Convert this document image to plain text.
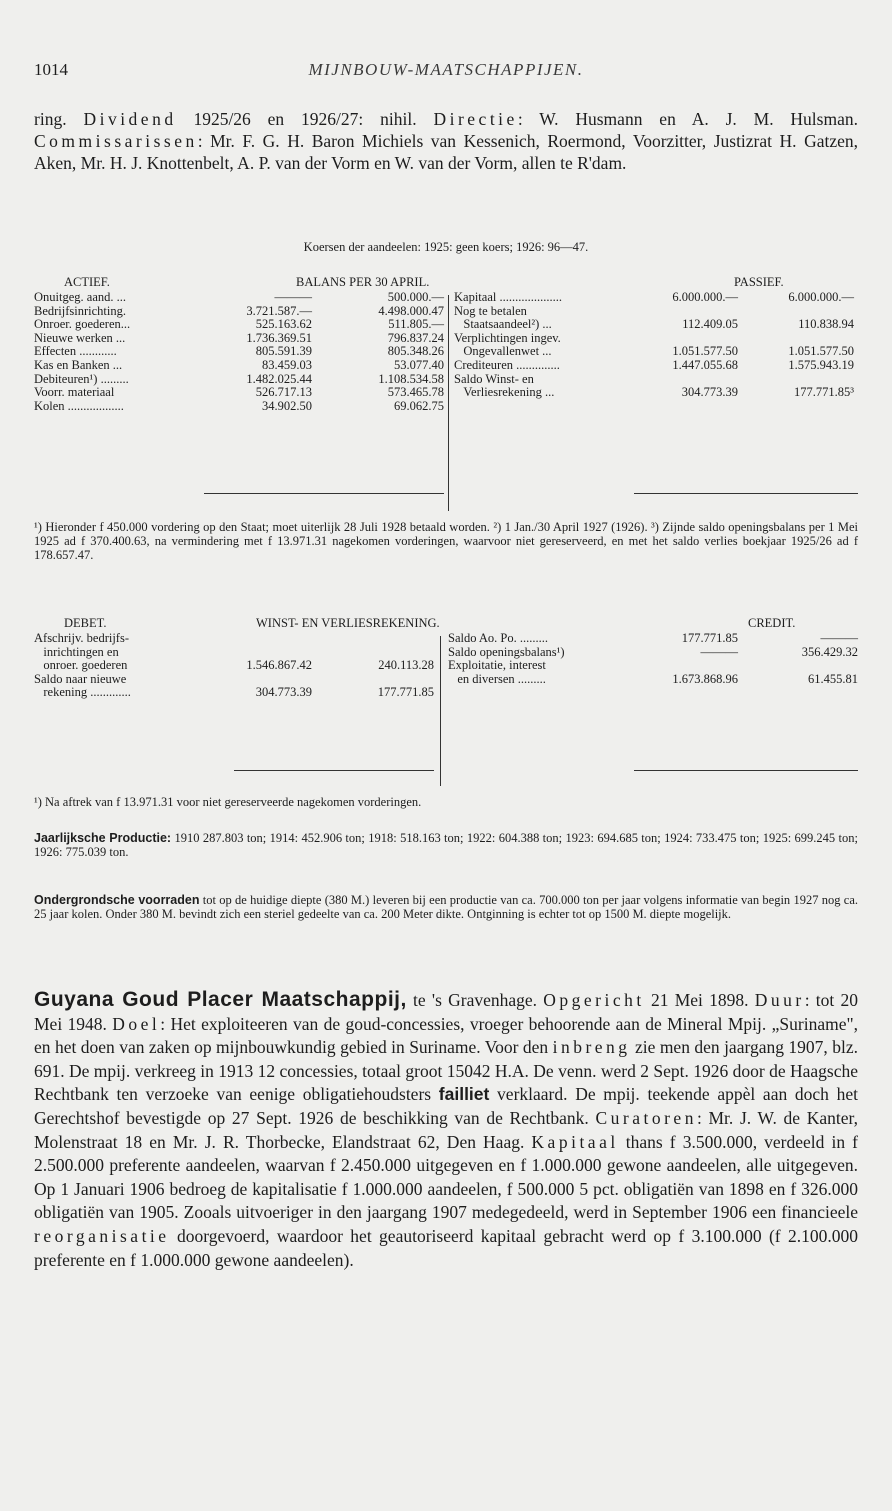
1014	MIJNBOUW-MAATSCHAPPIJEN.

ring. Dividend 1925/26 en 1926/27: nihil. Directie: W. Husmann en A. J. M. Hulsman. Commissarissen: Mr. F. G. H. Baron Michiels van Kessenich, Roermond, Voorzitter, Justizrat H. Gatzen, Aken, Mr. H. J. Knottenbelt, A. P. van der Vorm en W. van der Vorm, allen te R'dam.

Koersen der aandeelen: 1925: geen koers; 1926: 96—47.
ACTIEF.	BALANS PER 30 APRIL.	PASSIEF.

Onuitgeg. aand. ...	———	500.000.—
Bedrijfsinrichting.	3.721.587.—	4.498.000.47
Onroer. goederen...	525.163.62	511.805.—
Nieuwe werken ...	1.736.369.51	796.837.24
Effecten ............	805.591.39	805.348.26
Kas en Banken ...	83.459.03	53.077.40
Debiteuren¹) .........	1.482.025.44	1.108.534.58
Voorr. materiaal	526.717.13	573.465.78
Kolen ..................	34.902.50	69.062.75

Kapitaal ....................	6.000.000.—	6.000.000.—
Nog te betalen		
Staatsaandeel²) ...	112.409.05	110.838.94
Verplichtingen ingev.		
Ongevallenwet ...	1.051.577.50	1.051.577.50
Crediteuren ..............	1.447.055.68	1.575.943.19
Saldo Winst- en		
Verliesrekening ...	304.773.39	177.771.85³

¹) Hieronder f 450.000 vordering op den Staat; moet uiterlijk 28 Juli 1928 betaald worden. ²) 1 Jan./30 April 1927 (1926). ³) Zijnde saldo openingsbalans per 1 Mei 1925 ad f 370.400.63, na vermindering met f 13.971.31 nagekomen vorderingen, waarvoor niet gereserveerd, en met het saldo verlies boekjaar 1925/26 ad f 178.657.47.
DEBET.	WINST- EN VERLIESREKENING.	CREDIT.

Afschrijv. bedrijfs-		
inrichtingen en		
onroer. goederen	1.546.867.42	240.113.28
Saldo naar nieuwe		
rekening .............	304.773.39	177.771.85

Saldo Ao. Po. .........	177.771.85	———
Saldo openingsbalans¹)	———	356.429.32
Exploitatie, interest		
en diversen .........	1.673.868.96	61.455.81

¹) Na aftrek van f 13.971.31 voor niet gereserveerde nagekomen vorderingen.

Jaarlijksche Productie: 1910 287.803 ton; 1914: 452.906 ton; 1918: 518.163 ton; 1922: 604.388 ton; 1923: 694.685 ton; 1924: 733.475 ton; 1925: 699.245 ton; 1926: 775.039 ton.

Ondergrondsche voorraden tot op de huidige diepte (380 M.) leveren bij een productie van ca. 700.000 ton per jaar volgens informatie van begin 1927 nog ca. 25 jaar kolen. Onder 380 M. bevindt zich een steriel gedeelte van ca. 200 Meter dikte. Ontginning is echter tot op 1500 M. diepte mogelijk.

Guyana Goud Placer Maatschappij, te 's Gravenhage. Opgericht 21 Mei 1898. Duur: tot 20 Mei 1948. Doel: Het exploiteeren van de goud-concessies, vroeger behoorende aan de Mineral Mpij. „Suriname", en het doen van zaken op mijnbouwkundig gebied in Suriname. Voor den inbreng zie men den jaargang 1907, blz. 691. De mpij. verkreeg in 1913 12 concessies, totaal groot 15042 H.A. De venn. werd 2 Sept. 1926 door de Haagsche Rechtbank ten verzoeke van eenige obligatiehoudsters failliet verklaard. De mpij. teekende appèl aan doch het Gerechtshof bevestigde op 27 Sept. 1926 de beschikking van de Rechtbank. Curatoren: Mr. J. W. de Kanter, Molenstraat 18 en Mr. J. R. Thorbecke, Elandstraat 62, Den Haag. Kapitaal thans f 3.500.000, verdeeld in f 2.500.000 preferente aandeelen, waarvan f 2.450.000 uitgegeven en f 1.000.000 gewone aandeelen, alle uitgegeven. Op 1 Januari 1906 bedroeg de kapitalisatie f 1.000.000 aandeelen, f 500.000 5 pct. obligatiën van 1898 en f 326.000 obligatiën van 1905. Zooals uitvoeriger in den jaargang 1907 medegedeeld, werd in September 1906 een financieele reorganisatie doorgevoerd, waardoor het geautoriseerd kapitaal gebracht werd op f 3.100.000 (f 2.100.000 preferente en f 1.000.000 gewone aandeelen).
